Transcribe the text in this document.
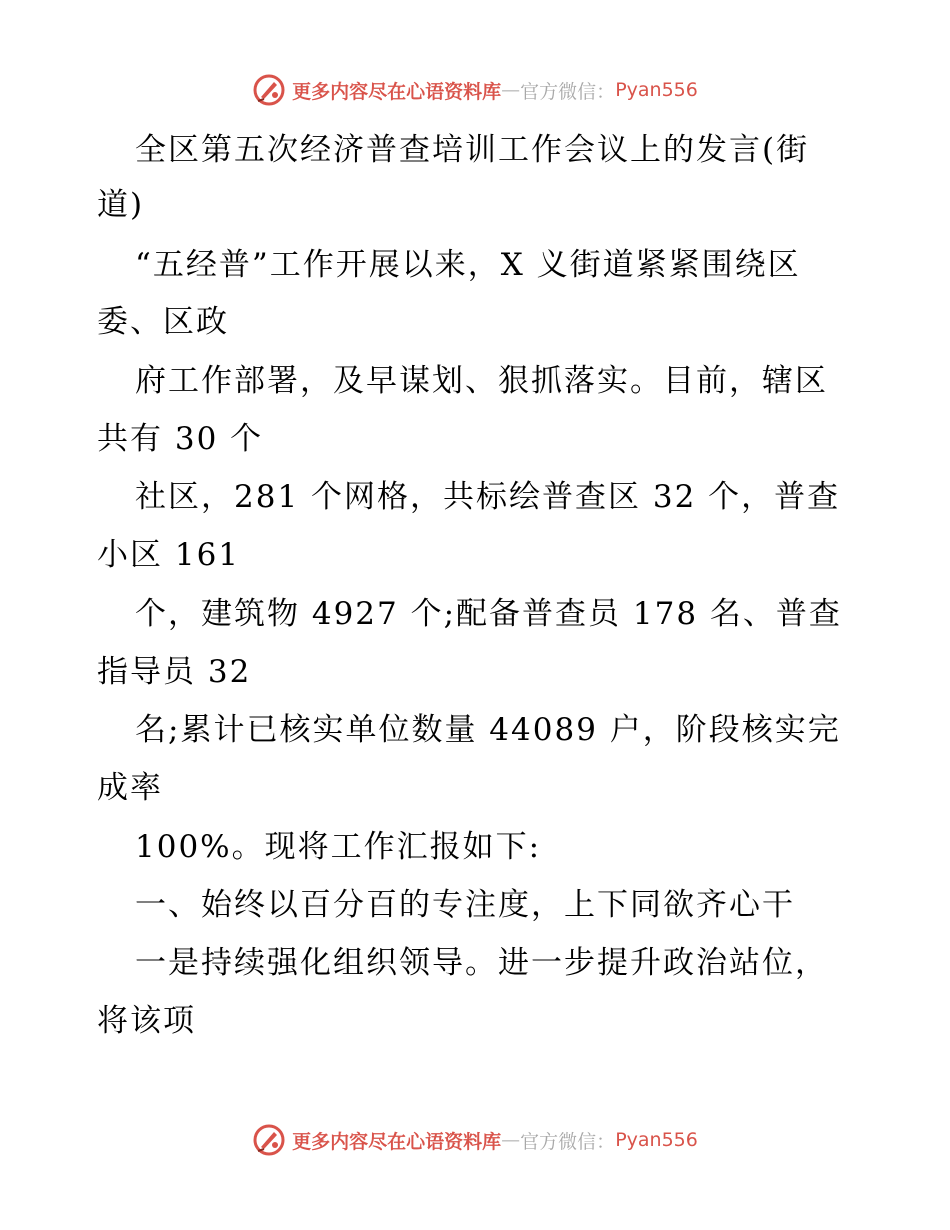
更多内容尽在心语资料库 — 官方微信： Pyan556
全区第五次经济普查培训工作会议上的发言(街
道)
“五经普”工作开展以来，X 义街道紧紧围绕区
委、区政
府工作部署，及早谋划、狠抓落实。目前，辖区
共有 30 个
社区，281 个网格，共标绘普查区 32 个，普查
小区 161
个，建筑物 4927 个;配备普查员 178 名、普查
指导员 32
名;累计已核实单位数量 44089 户，阶段核实完
成率
100%。现将工作汇报如下:
一、始终以百分百的专注度，上下同欲齐心干
一是持续强化组织领导。进一步提升政治站位，
将该项
更多内容尽在心语资料库 — 官方微信： Pyan556
